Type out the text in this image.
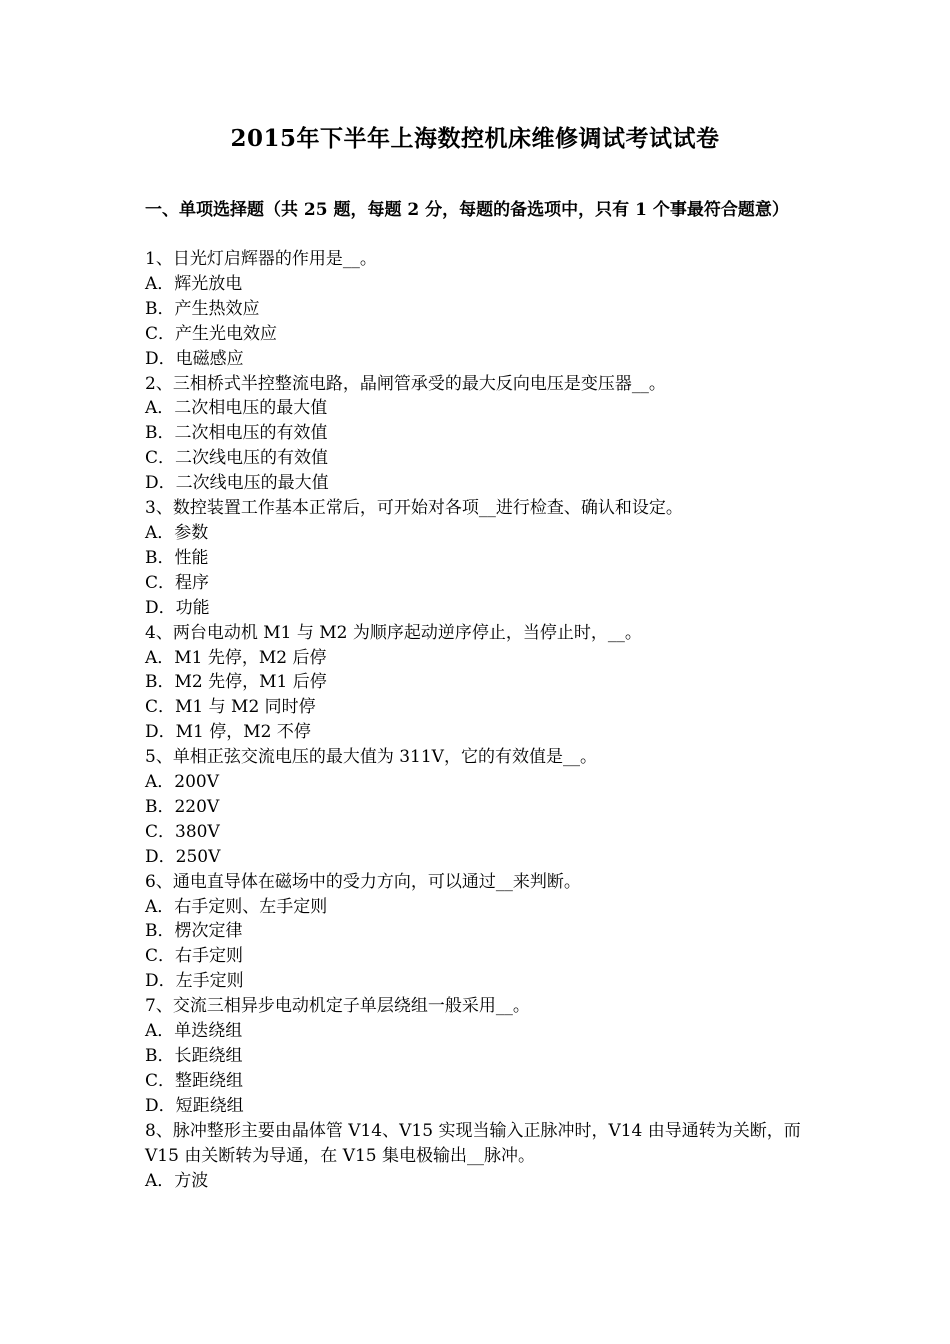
2015年下半年上海数控机床维修调试考试试卷
一、单项选择题（共 25 题，每题 2 分，每题的备选项中，只有 1 个事最符合题意）
1、日光灯启辉器的作用是__。
A．辉光放电
B．产生热效应
C．产生光电效应
D．电磁感应
2、三相桥式半控整流电路，晶闸管承受的最大反向电压是变压器__。
A．二次相电压的最大值
B．二次相电压的有效值
C．二次线电压的有效值
D．二次线电压的最大值
3、数控装置工作基本正常后，可开始对各项__进行检查、确认和设定。
A．参数
B．性能
C．程序
D．功能
4、两台电动机 M1 与 M2 为顺序起动逆序停止，当停止时，__。
A．M1 先停，M2 后停
B．M2 先停，M1 后停
C．M1 与 M2 同时停
D．M1 停，M2 不停
5、单相正弦交流电压的最大值为 311V，它的有效值是__。
A．200V
B．220V
C．380V
D．250V
6、通电直导体在磁场中的受力方向，可以通过__来判断。
A．右手定则、左手定则
B．楞次定律
C．右手定则
D．左手定则
7、交流三相异步电动机定子单层绕组一般采用__。
A．单迭绕组
B．长距绕组
C．整距绕组
D．短距绕组
8、脉冲整形主要由晶体管 V14、V15 实现当输入正脉冲时，V14 由导通转为关断，而 V15 由关断转为导通，在 V15 集电极输出__脉冲。
A．方波
